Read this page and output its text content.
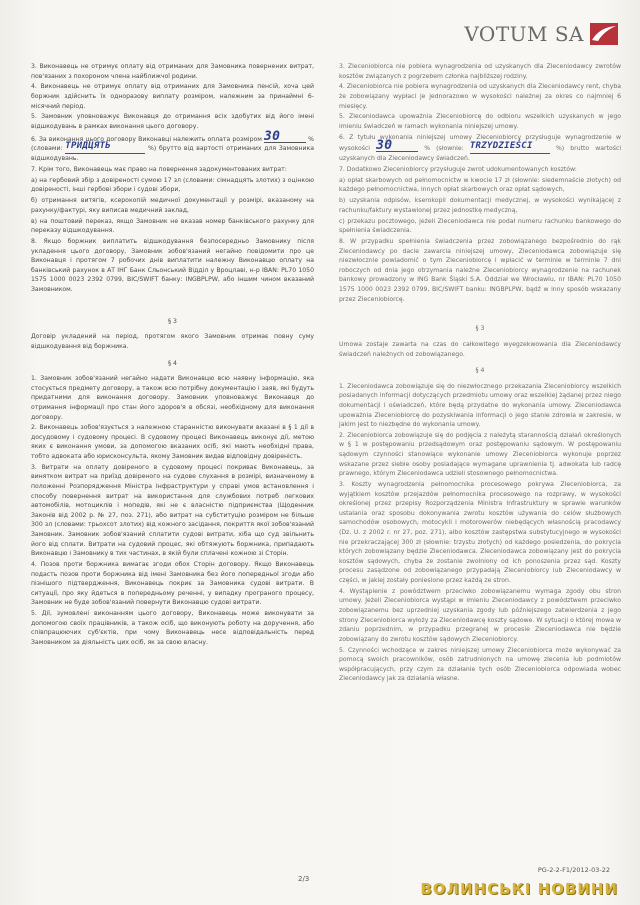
VOTUM SA

3. Виконавець не отримує оплату від отриманих для Замовника повернених витрат, пов'язаних з похороном члена найближчої родини.

4. Виконавець не отримує оплату від отриманих для Замовника пенсій, хоча цей боржник здійснить їх одноразову виплату розміром, належним за принаймні 6-місячний період.

5. Замовник уповноважує Виконавця до отримання всіх здобутих від його імені відшкодувань в рамках виконання цього договору.

6. За виконання цього договору Виконавці належить оплата розміром 30	% (словами: ТРИДЦЯТЬ	%) брутто від вартості отриманих для Замовника відшкодувань.

7. Крім того, Виконавець має право на повернення задокументованих витрат:

а) на гербовий збір з довіреності сумою 17 зл (словами: сімнадцять злотих) з оцінкою довіреності, інші гербові збори і судові збори,

б) отримання витягів, ксерокопій медичної документації у розмірі, вказаному на рахунку/фактурі, яку виписав медичний заклад,

в) на поштовий переказ, якщо Замовник не вказав номер банківського рахунку для переказу відшкодування.

8. Якщо боржник виплатить відшкодування безпосередньо Замовнику після укладення цього договору, Замовник зобов'язаний негайно повідомити про це Виконавця і протягом 7 робочих днів виплатити належну Виконавцю оплату на банківський рахунок в АТ ІНГ Банк Сльонський Відділ у Вроцлаві, н-р IBAN: PL70 1050 1575 1000 0023 2392 0799, BIC/SWIFT банку: INGBPLPW, або іншим чином вказаний Замовником.

§ 3

Договір укладений на період, протягом якого Замовник отримає повну суму відшкодування від боржника.

§ 4

1. Замовник зобов'язаний негайно надати Виконавцю всю наявну інформацію, яка стосується предмету договору, а також всю потрібну документацію і заяв, які будуть придатними для виконання договору. Замовник уповноважує Виконавця до отримання інформації про стан його здоров'я в обсязі, необхідному для виконання договору.

2. Виконавець зобов'язується з належною старанністю виконувати вказані в § 1 дії в досудовому і судовому процесі. В судовому процесі Виконавець виконує дії, метою яких є виконання умови, за допомогою вказаних осіб, які мають необхідні права, тобто адвоката або юрисконсульта, якому Замовник видав відповідну довіреність.

3. Витрати на оплату довіреного в судовому процесі покриває Виконавець, за винятком витрат на приїзд довіреного на судове слухання в розмірі, визначеному в положенні Розпорядження Міністра Інфраструктури у справі умов встановлення і способу повернення витрат на використання для службових потреб легкових автомобілів, мотоциклів і мопедів, які не є власністю підприємства (Щоденник Законів від 2002 р. № 27, поз. 271), або витрат на субституцію розміром не більше 300 зл (словами: трьохсот злотих) від кожного засідання, покриття якої зобов'язаний Замовник. Замовник зобов'язаний сплатити судові витрати, хіба що суд звільнить його від сплати. Витрати на судовий процес, які обтяжують боржника, припадають Виконавцю і Замовнику в тих частинах, в якій були сплачені кожною зі Сторін.

4. Позов проти боржника вимагає згоди обох Сторін договору. Якщо Виконавець подасть позов проти боржника від імені Замовника без його попередньої згоди або пізнішого підтвердження, Виконавець покриє за Замовника судові витрати. В ситуації, про яку йдеться в попередньому реченні, у випадку програного процесу, Замовник не буде зобов'язаний повернути Виконавцю судові витрати.

5. Дії, зумовлені виконанням цього договору, Виконавець може виконувати за допомогою своїх працівників, а також осіб, що виконують роботу на доручення, або співпрацюючих суб'єктів, при чому Виконавець несе відповідальність перед Замовником за діяльність цих осіб, як за свою власну.

3. Zleceniobiorca nie pobiera wynagrodzenia od uzyskanych dla Zleceniodawcy zwrotów kosztów związanych z pogrzebem członka najbliższej rodziny.

4. Zleceniobiorca nie pobiera wynagrodzenia od uzyskanych dla Zleceniodawcy rent, chyba że zobowiązany wypłaci je jednorazowo w wysokości należnej za okres co najmniej 6 miesięcy.

5. Zleceniodawca upoważnia Zleceniobiorcę do odbioru wszelkich uzyskanych w jego imieniu świadczeń w ramach wykonania niniejszej umowy.

6. Z tytułu wykonania niniejszej umowy Zleceniobiorcy przysługuje wynagrodzenie w wysokości 30	% (słownie: TRZYDZIEŚCI	%) brutto wartości uzyskanych dla Zleceniodawcy świadczeń.

7. Dodatkowo Zleceniobiorcy przysługuje zwrot udokumentowanych kosztów:

a) opłat skarbowych od pełnomocnictw w kwocie 17 zł (słownie: siedemnaście złotych) od każdego pełnomocnictwa, innych opłat skarbowych oraz opłat sądowych,

b) uzyskania odpisów, kserokopii dokumentacji medycznej, w wysokości wynikającej z rachunku/faktury wystawionej przez jednostkę medyczną,

c) przekazu pocztowego, jeżeli Zleceniodawca nie podał numeru rachunku bankowego do spełnienia świadczenia.

8. W przypadku spełnienia świadczenia przez zobowiązanego bezpośrednio do rąk Zleceniodawcy po dacie zawarcia niniejszej umowy, Zleceniodawca zobowiązuje się niezwłocznie powiadomić o tym Zleceniobiorcę i wpłacić w terminie w terminie 7 dni roboczych od dnia jego otrzymania należne Zleceniobiorcy wynagrodzenie na rachunek bankowy prowadzony w ING Bank Śląski S.A. Oddział we Wrocławiu, nr IBAN: PL70 1050 1575 1000 0023 2392 0799, BIC/SWIFT banku: INGBPLPW, bądź w inny sposób wskazany przez Zleceniobiorcę.

§ 3

Umowa zostaje zawarta na czas do całkowitego wyegzekwowania dla Zleceniodawcy świadczeń należnych od zobowiązanego.

§ 4

1. Zleceniodawca zobowiązuje się do niezwłocznego przekazania Zleceniobiorcy wszelkich posiadanych informacji dotyczących przedmiotu umowy oraz wszelkiej żądanej przez niego dokumentacji i oświadczeń, które będą przydatne do wykonania umowy. Zleceniodawca upoważnia Zleceniobiorcę do pozyskiwania informacji o jego stanie zdrowia w zakresie, w jakim jest to niezbędne do wykonania umowy.

2. Zleceniobiorca zobowiązuje się do podjęcia z należytą starannością działań określonych w § 1 w postępowaniu przedsądowym oraz postępowaniu sądowym. W postępowaniu sądowym czynności stanowiące wykonanie umowy Zleceniobiorca wykonuje poprzez wskazane przez siebie osoby posiadające wymagane uprawnienia tj. adwokata lub radcę prawnego, którym Zleceniodawca udzieli stosownego pełnomocnictwa.

3. Koszty wynagrodzenia pełnomocnika procesowego pokrywa Zleceniobiorca, za wyjątkiem kosztów przejazdów pełnomocnika procesowego na rozprawy, w wysokości określonej przez przepisy Rozporządzenia Ministra Infrastruktury w sprawie warunków ustalania oraz sposobu dokonywania zwrotu kosztów używania do celów służbowych samochodów osobowych, motocykli i motorowerów niebędących własnością pracodawcy (Dz. U. z 2002 r. nr 27, poz. 271), albo kosztów zastępstwa substytucyjnego w wysokości nie przekraczającej 300 zł (słownie: trzystu złotych) od każdego posiedzenia, do pokrycia których zobowiązany będzie Zleceniodawca. Zleceniodawca zobowiązany jest do pokrycia kosztów sądowych, chyba że zostanie zwolniony od ich ponoszenia przez sąd. Koszty procesu zasądzone od zobowiązanego przypadają Zleceniobiorcy lub Zleceniodawcy w części, w jakiej zostały poniesione przez każdą ze stron.

4. Wystąpienie z powództwem przeciwko zobowiązanemu wymaga zgody obu stron umowy. Jeżeli Zleceniobiorca wystąpi w imieniu Zleceniodawcy z powództwem przeciwko zobowiązanemu bez uprzedniej uzyskania zgody lub późniejszego zatwierdzenia z jego strony Zleceniobiorca wyłoży za Zleceniodawcę koszty sądowe. W sytuacji o której mowa w zdaniu poprzednim, w przypadku przegranej w procesie Zleceniodawca nie będzie zobowiązany do zwrotu kosztów sądowych Zleceniobiorcy.

5. Czynności wchodzące w zakres niniejszej umowy Zleceniobiorca może wykonywać za pomocą swoich pracowników, osób zatrudnionych na umowę zlecenia lub podmiotów współpracujących, przy czym za działanie tych osób Zleceniobiorca odpowiada wobec Zleceniodawcy jak za działania własne.

PG-2-2-F1/2012-03-22
2/3
ВОЛИНСЬКІ НОВИНИ
